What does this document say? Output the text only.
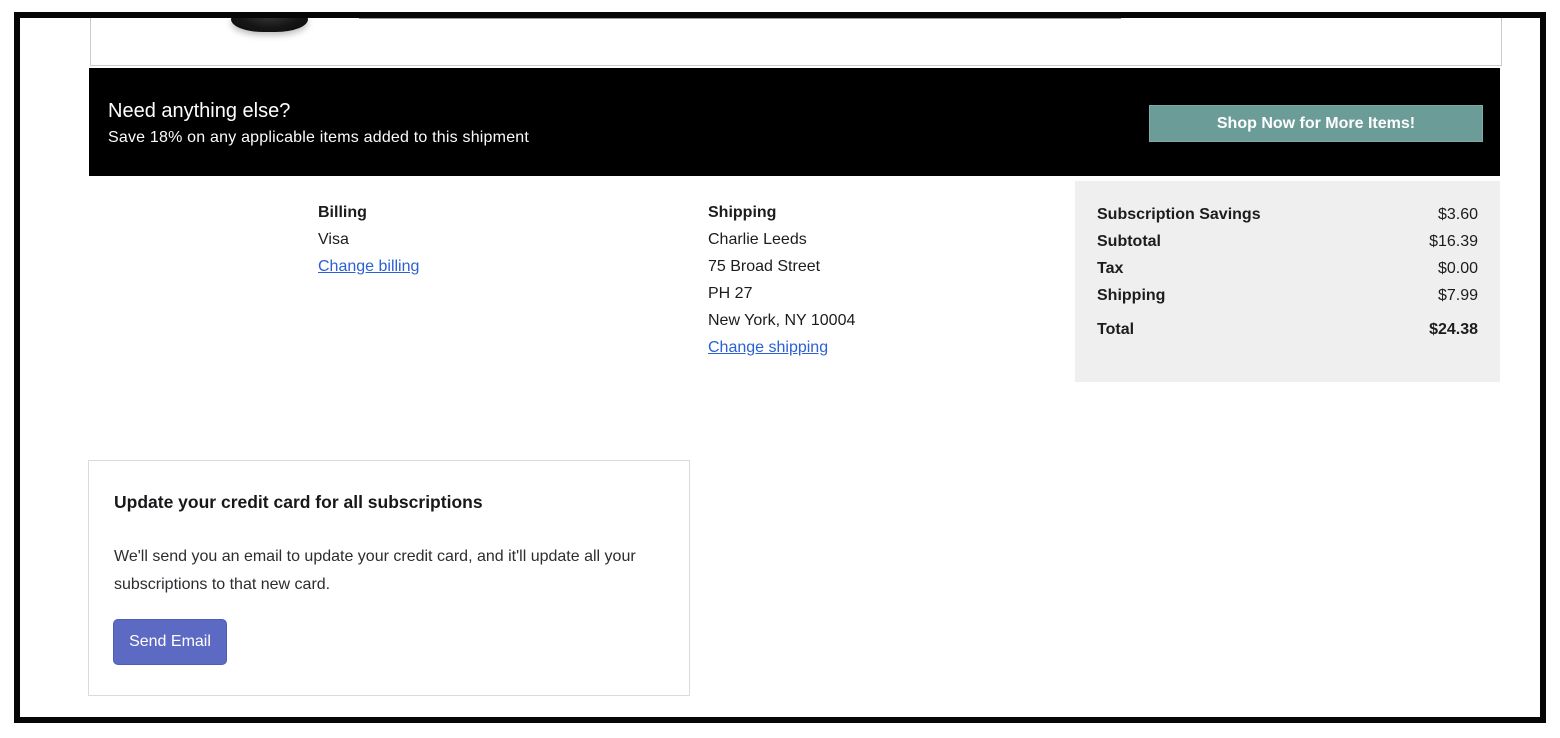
Need anything else?
Save 18% on any applicable items added to this shipment
Shop Now for More Items!
Billing
Visa
Change billing
Shipping
Charlie Leeds
75 Broad Street
PH 27
New York, NY 10004
Change shipping
Subscription Savings	$3.60
Subtotal	$16.39
Tax	$0.00
Shipping	$7.99
Total	$24.38
Update your credit card for all subscriptions
We'll send you an email to update your credit card, and it'll update all your subscriptions to that new card.
Send Email
